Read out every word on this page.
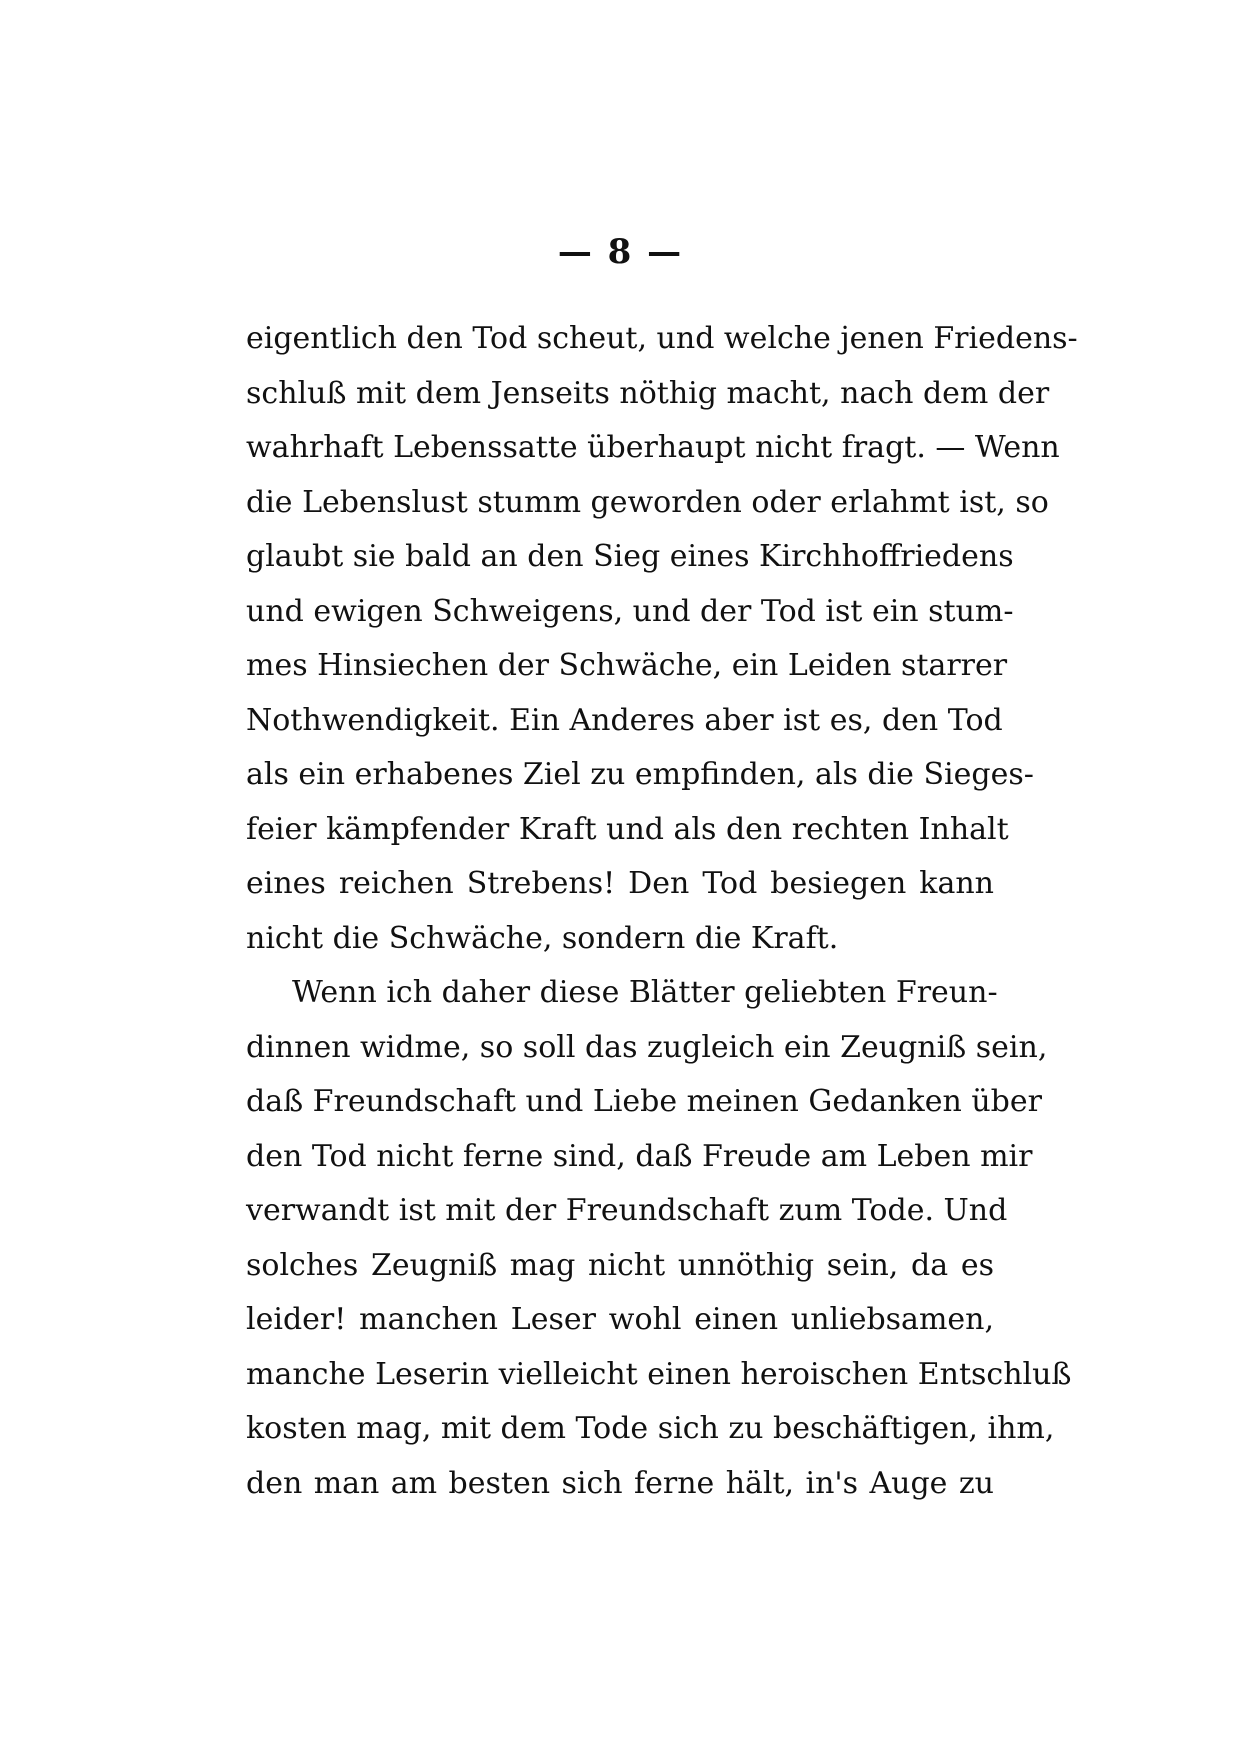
— 8 —
eigentlich den Tod scheut, und welche jenen Friedens-
schluß mit dem Jenseits nöthig macht, nach dem der
wahrhaft Lebenssatte überhaupt nicht fragt. — Wenn
die Lebenslust stumm geworden oder erlahmt ist, so
glaubt sie bald an den Sieg eines Kirchhoffriedens
und ewigen Schweigens, und der Tod ist ein stum-
mes Hinsiechen der Schwäche, ein Leiden starrer
Nothwendigkeit. Ein Anderes aber ist es, den Tod
als ein erhabenes Ziel zu empfinden, als die Sieges-
feier kämpfender Kraft und als den rechten Inhalt
eines reichen Strebens! Den Tod besiegen kann
nicht die Schwäche, sondern die Kraft.
Wenn ich daher diese Blätter geliebten Freun-
dinnen widme, so soll das zugleich ein Zeugniß sein,
daß Freundschaft und Liebe meinen Gedanken über
den Tod nicht ferne sind, daß Freude am Leben mir
verwandt ist mit der Freundschaft zum Tode. Und
solches Zeugniß mag nicht unnöthig sein, da es
leider! manchen Leser wohl einen unliebsamen,
manche Leserin vielleicht einen heroischen Entschluß
kosten mag, mit dem Tode sich zu beschäftigen, ihm,
den man am besten sich ferne hält, in's Auge zu
